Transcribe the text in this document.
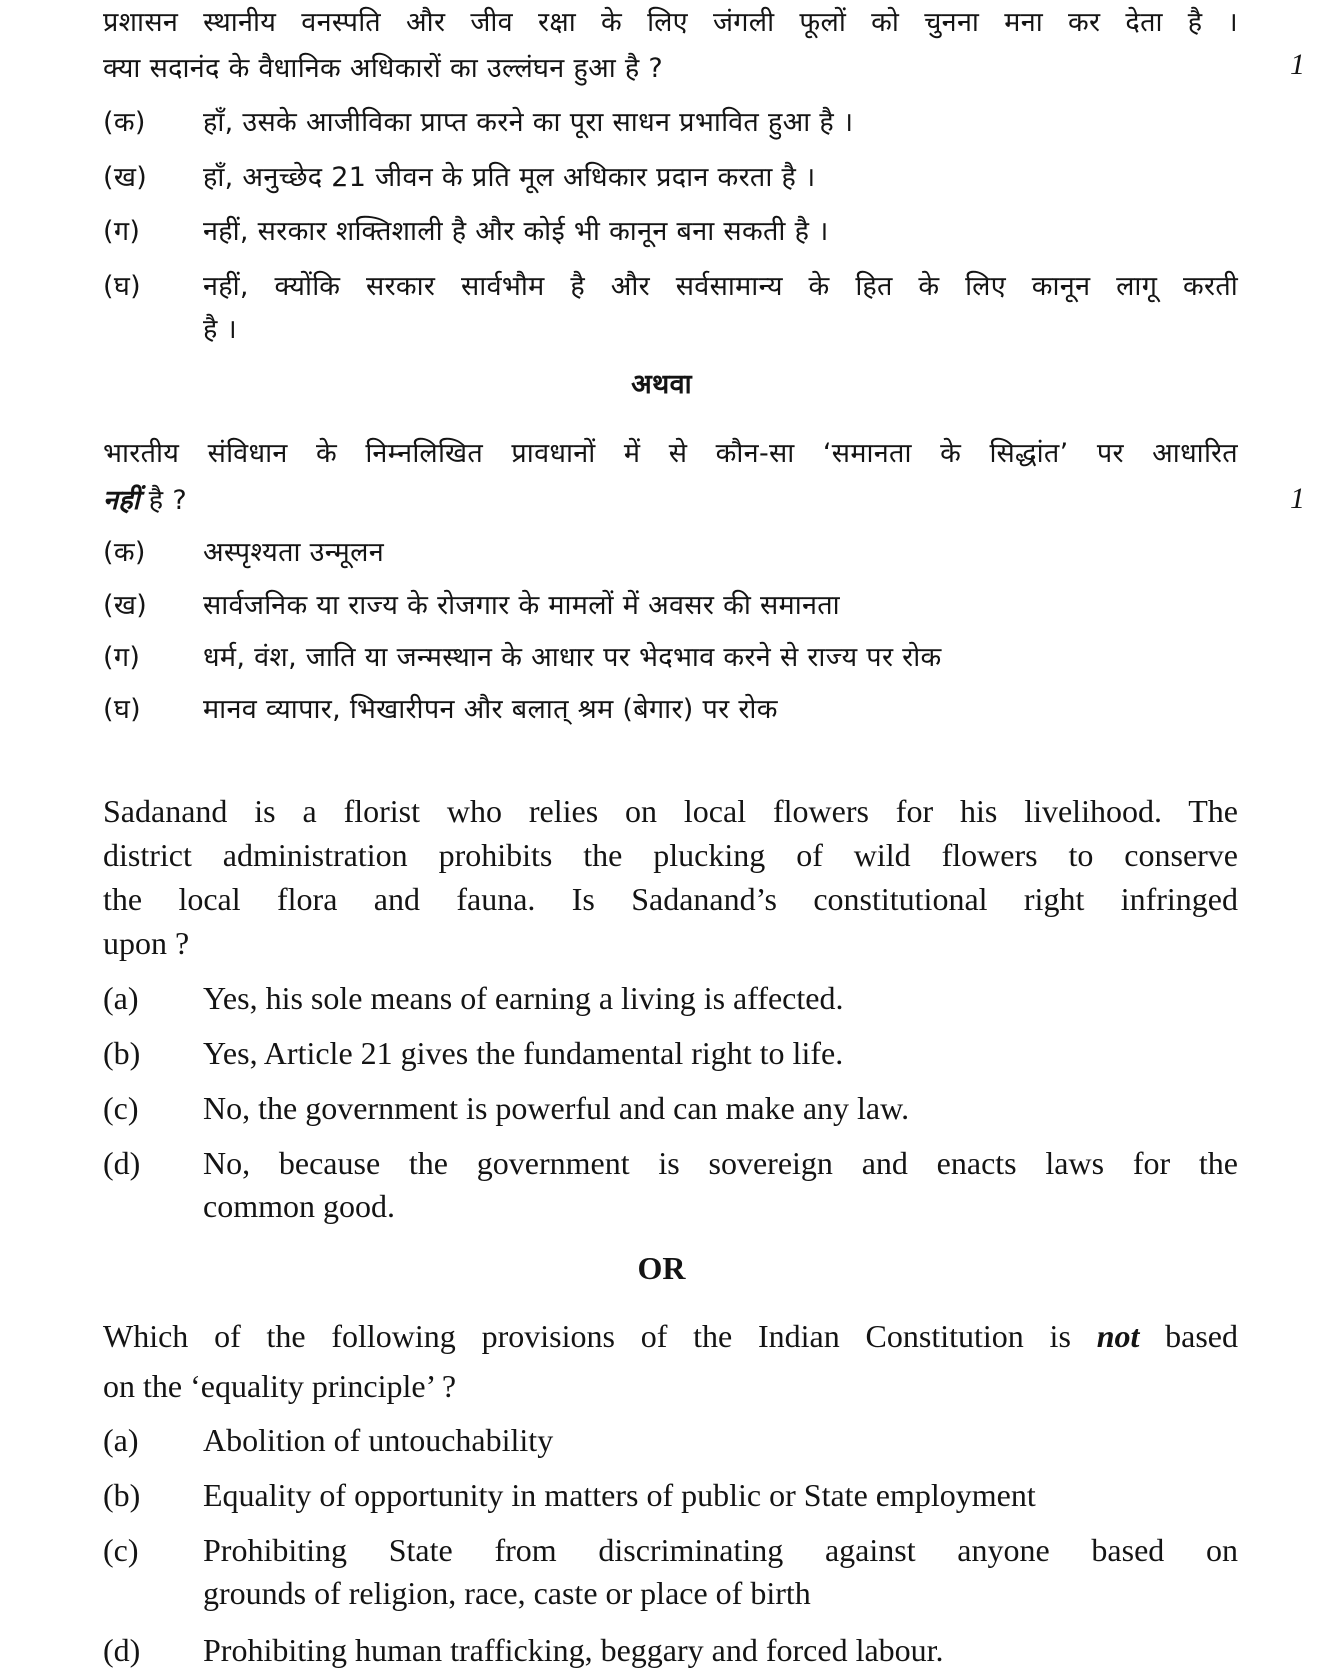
प्रशासन स्थानीय वनस्पति और जीव रक्षा के लिए जंगली फूलों को चुनना मना कर देता है ।
क्या सदानंद के वैधानिक अधिकारों का उल्लंघन हुआ है ?	1
(क)	हाँ, उसके आजीविका प्राप्त करने का पूरा साधन प्रभावित हुआ है ।
(ख)	हाँ, अनुच्छेद 21 जीवन के प्रति मूल अधिकार प्रदान करता है ।
(ग)	नहीं, सरकार शक्तिशाली है और कोई भी कानून बना सकती है ।
(घ)	नहीं, क्योंकि सरकार सार्वभौम है और सर्वसामान्य के हित के लिए कानून लागू करती
है ।
अथवा
भारतीय संविधान के निम्नलिखित प्रावधानों में से कौन-सा ‘समानता के सिद्धांत’ पर आधारित
नहीं है ?	1
(क)	अस्पृश्यता उन्मूलन
(ख)	सार्वजनिक या राज्य के रोजगार के मामलों में अवसर की समानता
(ग)	धर्म, वंश, जाति या जन्मस्थान के आधार पर भेदभाव करने से राज्य पर रोक
(घ)	मानव व्यापार, भिखारीपन और बलात् श्रम (बेगार) पर रोक
Sadanand is a florist who relies on local flowers for his livelihood. The
district administration prohibits the plucking of wild flowers to conserve
the local flora and fauna. Is Sadanand’s constitutional right infringed
upon ?
(a)	Yes, his sole means of earning a living is affected.
(b)	Yes, Article 21 gives the fundamental right to life.
(c)	No, the government is powerful and can make any law.
(d)	No, because the government is sovereign and enacts laws for the
common good.
OR
Which of the following provisions of the Indian Constitution is not based
on the ‘equality principle’ ?
(a)	Abolition of untouchability
(b)	Equality of opportunity in matters of public or State employment
(c)	Prohibiting State from discriminating against anyone based on
grounds of religion, race, caste or place of birth
(d)	Prohibiting human trafficking, beggary and forced labour.
